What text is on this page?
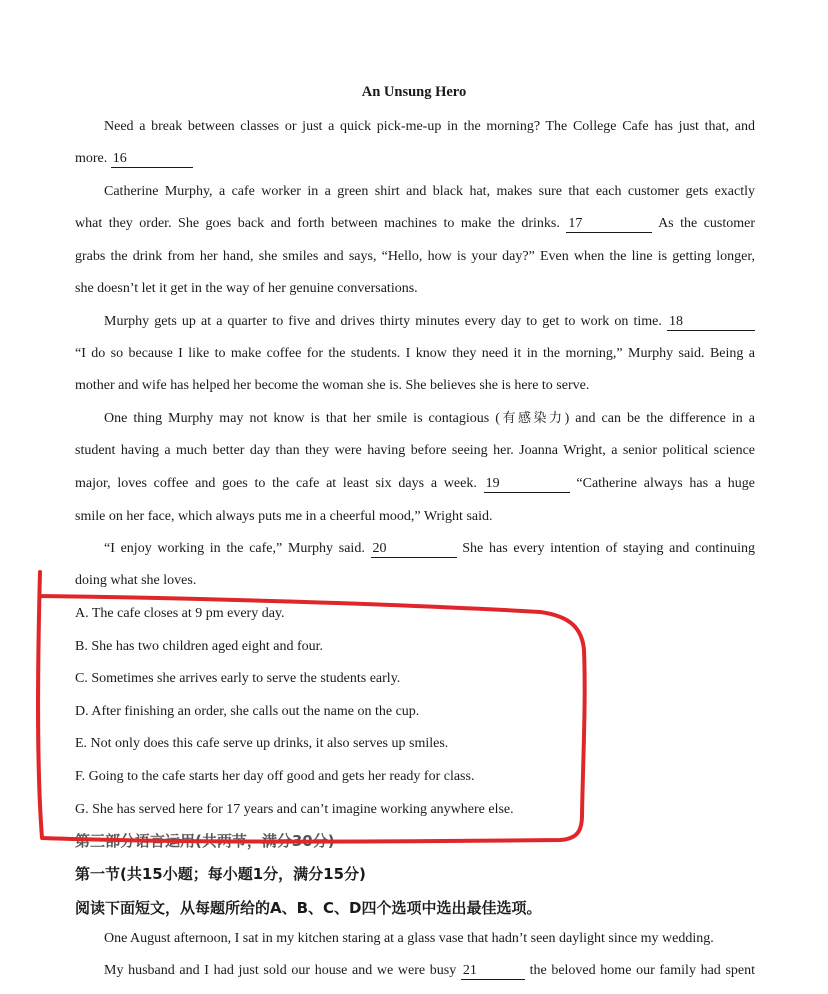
An Unsung Hero
Need a break between classes or just a quick pick-me-up in the morning? The College Cafe has just that, and
more. 16
Catherine Murphy, a cafe worker in a green shirt and black hat, makes sure that each customer gets exactly
what they order. She goes back and forth between machines to make the drinks. 17	As the customer
grabs the drink from her hand, she smiles and says, “Hello, how is your day?” Even when the line is getting longer,
she doesn’t let it get in the way of her genuine conversations.
Murphy gets up at a quarter to five and drives thirty minutes every day to get to work on time. 18
“I do so because I like to make coffee for the students. I know they need it in the morning,” Murphy said. Being a
mother and wife has helped her become the woman she is. She believes she is here to serve.
One thing Murphy may not know is that her smile is contagious (有感染力) and can be the difference in a
student having a much better day than they were having before seeing her. Joanna Wright, a senior political science
major, loves coffee and goes to the cafe at least six days a week. 19	“Catherine always has a huge
smile on her face, which always puts me in a cheerful mood,” Wright said.
“I enjoy working in the cafe,” Murphy said. 20	She has every intention of staying and continuing
doing what she loves.
A. The cafe closes at 9 pm every day.
B. She has two children aged eight and four.
C. Sometimes she arrives early to serve the students early.
D. After finishing an order, she calls out the name on the cup.
E. Not only does this cafe serve up drinks, it also serves up smiles.
F. Going to the cafe starts her day off good and gets her ready for class.
G. She has served here for 17 years and can’t imagine working anywhere else.
第三部分语言运用(共两节，满分30分)
第一节(共15小题；每小题1分，满分15分)
阅读下面短文，从每题所给的A、B、C、D四个选项中选出最佳选项。
One August afternoon, I sat in my kitchen staring at a glass vase that hadn’t seen daylight since my wedding.
My husband and I had just sold our house and we were busy 21	the beloved home our family had spent
